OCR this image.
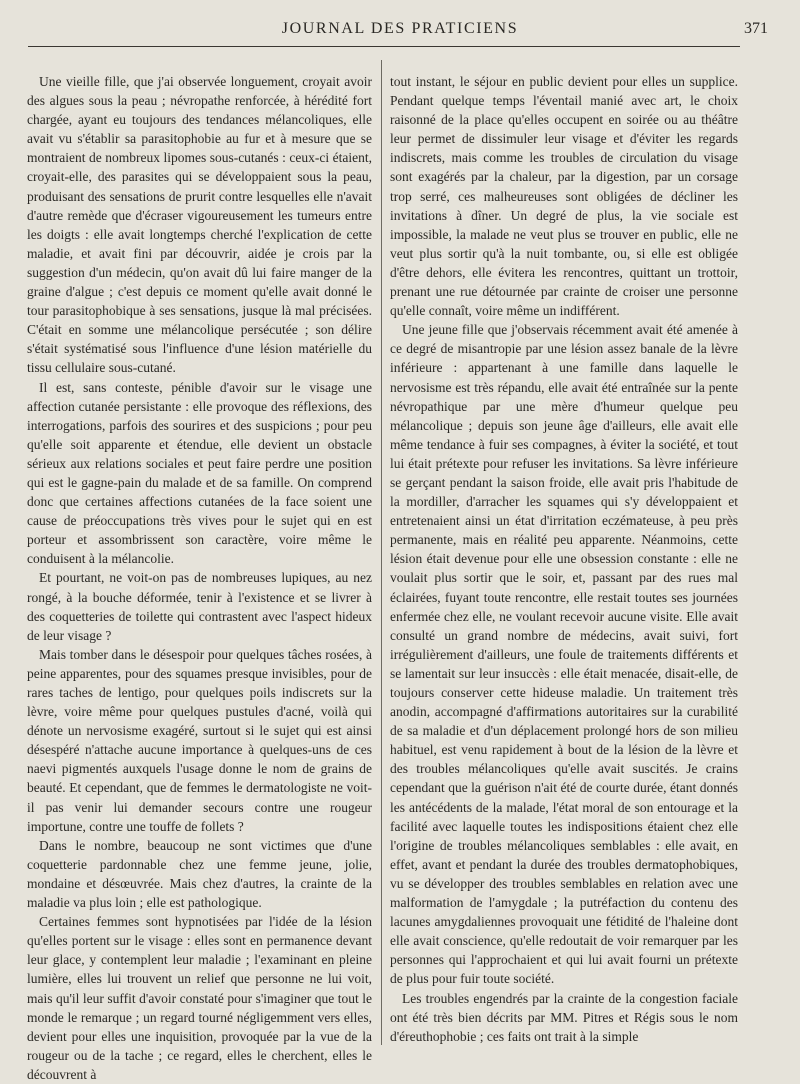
JOURNAL DES PRATICIENS	371

Une vieille fille, que j'ai observée longuement, croyait avoir des algues sous la peau ; névropathe renforcée, à hérédité fort chargée, ayant eu toujours des tendances mélancoliques, elle avait vu s'établir sa parasitophobie au fur et à mesure que se montraient de nombreux lipomes sous-cutanés : ceux-ci étaient, croyait-elle, des parasites qui se développaient sous la peau, produisant des sensations de prurit contre lesquelles elle n'avait d'autre remède que d'écraser vigoureusement les tumeurs entre les doigts : elle avait longtemps cherché l'explication de cette maladie, et avait fini par découvrir, aidée je crois par la suggestion d'un médecin, qu'on avait dû lui faire manger de la graine d'algue ; c'est depuis ce moment qu'elle avait donné le tour parasitophobique à ses sensations, jusque là mal précisées. C'était en somme une mélancolique persécutée ; son délire s'était systématisé sous l'influence d'une lésion matérielle du tissu cellulaire sous-cutané.

Il est, sans conteste, pénible d'avoir sur le visage une affection cutanée persistante : elle provoque des réflexions, des interrogations, parfois des sourires et des suspicions ; pour peu qu'elle soit apparente et étendue, elle devient un obstacle sérieux aux relations sociales et peut faire perdre une position qui est le gagne-pain du malade et de sa famille. On comprend donc que certaines affections cutanées de la face soient une cause de préoccupations très vives pour le sujet qui en est porteur et assombrissent son caractère, voire même le conduisent à la mélancolie.

Et pourtant, ne voit-on pas de nombreuses lupiques, au nez rongé, à la bouche déformée, tenir à l'existence et se livrer à des coquetteries de toilette qui contrastent avec l'aspect hideux de leur visage ?

Mais tomber dans le désespoir pour quelques tâches rosées, à peine apparentes, pour des squames presque invisibles, pour de rares taches de lentigo, pour quelques poils indiscrets sur la lèvre, voire même pour quelques pustules d'acné, voilà qui dénote un nervosisme exagéré, surtout si le sujet qui est ainsi désespéré n'attache aucune importance à quelques-uns de ces naevi pigmentés auxquels l'usage donne le nom de grains de beauté. Et cependant, que de femmes le dermatologiste ne voit-il pas venir lui demander secours contre une rougeur importune, contre une touffe de follets ?

Dans le nombre, beaucoup ne sont victimes que d'une coquetterie pardonnable chez une femme jeune, jolie, mondaine et désœuvrée. Mais chez d'autres, la crainte de la maladie va plus loin ; elle est pathologique.

Certaines femmes sont hypnotisées par l'idée de la lésion qu'elles portent sur le visage : elles sont en permanence devant leur glace, y contemplent leur maladie ; l'examinant en pleine lumière, elles lui trouvent un relief que personne ne lui voit, mais qu'il leur suffit d'avoir constaté pour s'imaginer que tout le monde le remarque ; un regard tourné négligemment vers elles, devient pour elles une inquisition, provoquée par la vue de la rougeur ou de la tache ; ce regard, elles le cherchent, elles le découvrent à

tout instant, le séjour en public devient pour elles un supplice. Pendant quelque temps l'éventail manié avec art, le choix raisonné de la place qu'elles occupent en soirée ou au théâtre leur permet de dissimuler leur visage et d'éviter les regards indiscrets, mais comme les troubles de circulation du visage sont exagérés par la chaleur, par la digestion, par un corsage trop serré, ces malheureuses sont obligées de décliner les invitations à dîner. Un degré de plus, la vie sociale est impossible, la malade ne veut plus se trouver en public, elle ne veut plus sortir qu'à la nuit tombante, ou, si elle est obligée d'être dehors, elle évitera les rencontres, quittant un trottoir, prenant une rue détournée par crainte de croiser une personne qu'elle connaît, voire même un indifférent.

Une jeune fille que j'observais récemment avait été amenée à ce degré de misantropie par une lésion assez banale de la lèvre inférieure : appartenant à une famille dans laquelle le nervosisme est très répandu, elle avait été entraînée sur la pente névropathique par une mère d'humeur quelque peu mélancolique ; depuis son jeune âge d'ailleurs, elle avait elle même tendance à fuir ses compagnes, à éviter la société, et tout lui était prétexte pour refuser les invitations. Sa lèvre inférieure se gerçant pendant la saison froide, elle avait pris l'habitude de la mordiller, d'arracher les squames qui s'y développaient et entretenaient ainsi un état d'irritation eczémateuse, à peu près permanente, mais en réalité peu apparente. Néanmoins, cette lésion était devenue pour elle une obsession constante : elle ne voulait plus sortir que le soir, et, passant par des rues mal éclairées, fuyant toute rencontre, elle restait toutes ses journées enfermée chez elle, ne voulant recevoir aucune visite. Elle avait consulté un grand nombre de médecins, avait suivi, fort irrégulièrement d'ailleurs, une foule de traitements différents et se lamentait sur leur insuccès : elle était menacée, disait-elle, de toujours conserver cette hideuse maladie. Un traitement très anodin, accompagné d'affirmations autoritaires sur la curabilité de sa maladie et d'un déplacement prolongé hors de son milieu habituel, est venu rapidement à bout de la lésion de la lèvre et des troubles mélancoliques qu'elle avait suscités. Je crains cependant que la guérison n'ait été de courte durée, étant donnés les antécédents de la malade, l'état moral de son entourage et la facilité avec laquelle toutes les indispositions étaient chez elle l'origine de troubles mélancoliques semblables : elle avait, en effet, avant et pendant la durée des troubles dermatophobiques, vu se développer des troubles semblables en relation avec une malformation de l'amygdale ; la putréfaction du contenu des lacunes amygdaliennes provoquait une fétidité de l'haleine dont elle avait conscience, qu'elle redoutait de voir remarquer par les personnes qui l'approchaient et qui lui avait fourni un prétexte de plus pour fuir toute société.

Les troubles engendrés par la crainte de la congestion faciale ont été très bien décrits par MM. Pitres et Régis sous le nom d'éreuthophobie ; ces faits ont trait à la simple
